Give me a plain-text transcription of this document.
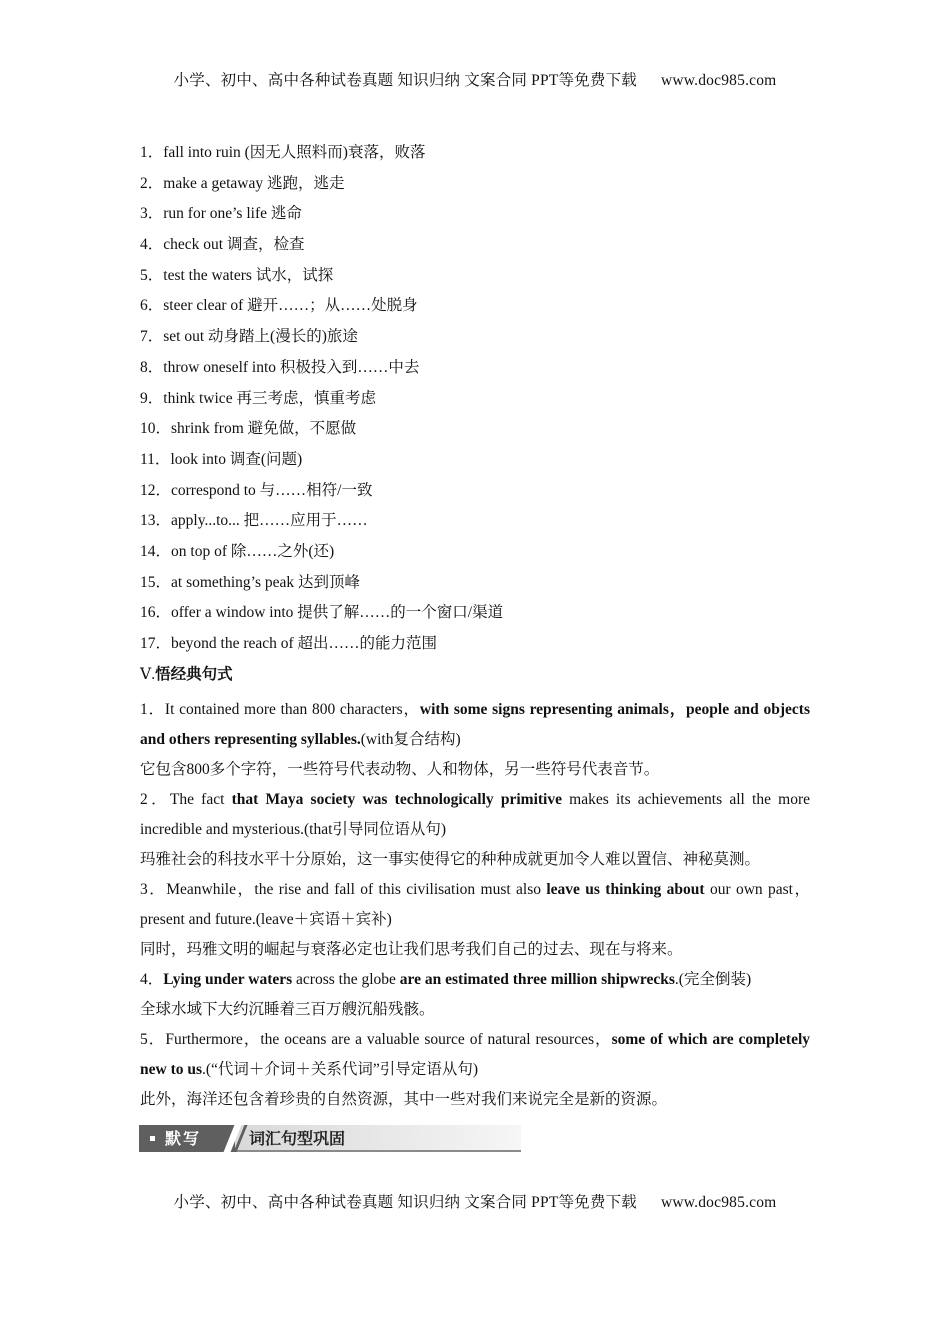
小学、初中、高中各种试卷真题 知识归纳 文案合同 PPT等免费下载 www.doc985.com
1．fall into ruin (因无人照料而)衰落，败落
2．make a getaway 逃跑，逃走
3．run for one’s life 逃命
4．check out 调查，检查
5．test the waters 试水，试探
6．steer clear of 避开……；从……处脱身
7．set out 动身踏上(漫长的)旅途
8．throw oneself into 积极投入到……中去
9．think twice 再三考虑，慎重考虑
10．shrink from 避免做，不愿做
11．look into 调查(问题)
12．correspond to 与……相符/一致
13．apply...to... 把……应用于……
14．on top of 除……之外(还)
15．at something’s peak 达到顶峰
16．offer a window into 提供了解……的一个窗口/渠道
17．beyond the reach of 超出……的能力范围
Ⅴ.悟经典句式
1．It contained more than 800 characters，with some signs representing animals，people and objects and others representing syllables.(with复合结构)
它包含800多个字符，一些符号代表动物、人和物体，另一些符号代表音节。
2．The fact that Maya society was technologically primitive makes its achievements all the more incredible and mysterious.(that引导同位语从句)
玛雅社会的科技水平十分原始，这一事实使得它的种种成就更加令人难以置信、神秘莫测。
3．Meanwhile，the rise and fall of this civilisation must also leave us thinking about our own past，present and future.(leave＋宾语＋宾补)
同时，玛雅文明的崛起与衰落必定也让我们思考我们自己的过去、现在与将来。
4．Lying under waters across the globe are an estimated three million shipwrecks.(完全倒装)
全球水域下大约沉睡着三百万艘沉船残骸。
5．Furthermore，the oceans are a valuable source of natural resources，some of which are completely new to us.(“代词＋介词＋关系代词”引导定语从句)
此外，海洋还包含着珍贵的自然资源，其中一些对我们来说完全是新的资源。
默写	词汇句型巩固
小学、初中、高中各种试卷真题 知识归纳 文案合同 PPT等免费下载 www.doc985.com
